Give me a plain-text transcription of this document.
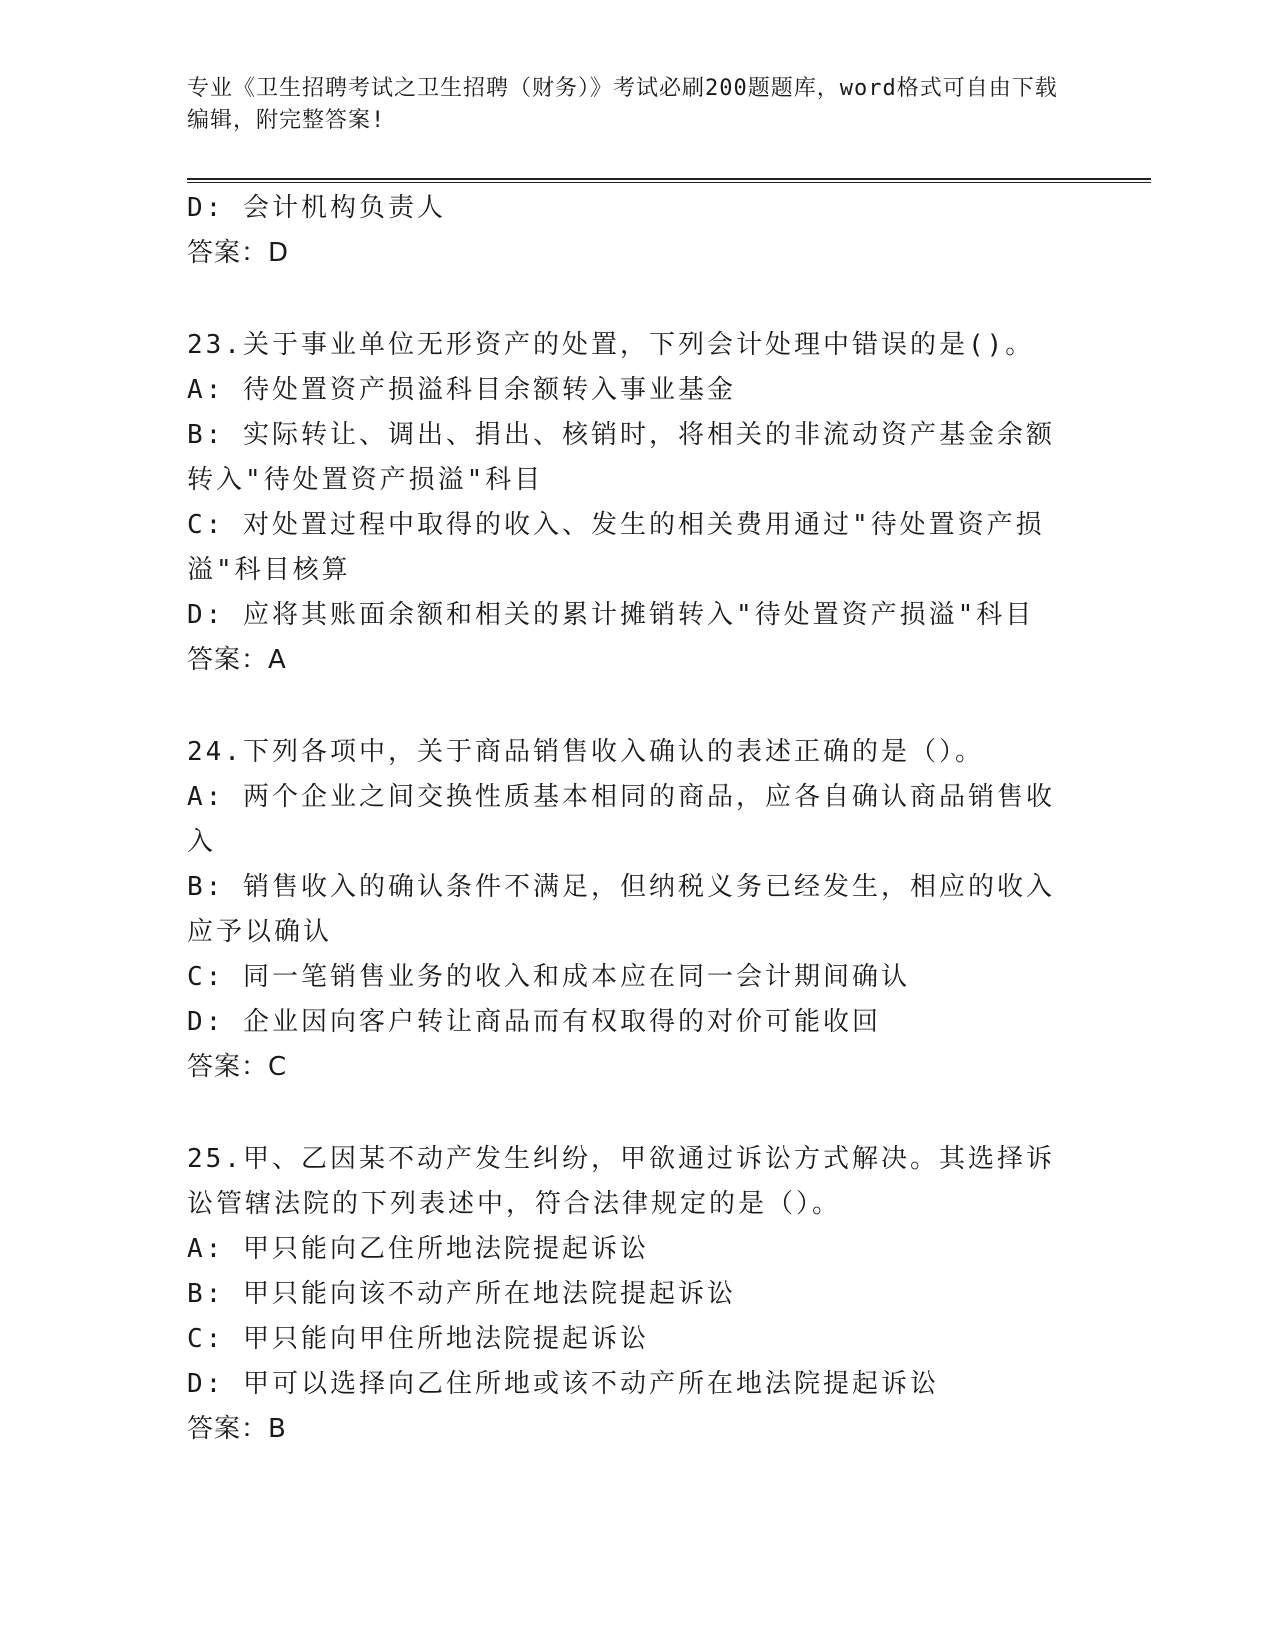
专业《卫生招聘考试之卫生招聘（财务）》考试必刷200题题库，word格式可自由下载编辑，附完整答案!
D: 会计机构负责人
答案：D
23.关于事业单位无形资产的处置，下列会计处理中错误的是()。
A: 待处置资产损溢科目余额转入事业基金
B: 实际转让、调出、捐出、核销时，将相关的非流动资产基金余额转入"待处置资产损溢"科目
C: 对处置过程中取得的收入、发生的相关费用通过"待处置资产损溢"科目核算
D: 应将其账面余额和相关的累计摊销转入"待处置资产损溢"科目
答案：A
24.下列各项中，关于商品销售收入确认的表述正确的是（）。
A: 两个企业之间交换性质基本相同的商品，应各自确认商品销售收入
B: 销售收入的确认条件不满足，但纳税义务已经发生，相应的收入应予以确认
C: 同一笔销售业务的收入和成本应在同一会计期间确认
D: 企业因向客户转让商品而有权取得的对价可能收回
答案：C
25.甲、乙因某不动产发生纠纷，甲欲通过诉讼方式解决。其选择诉讼管辖法院的下列表述中，符合法律规定的是（）。
A: 甲只能向乙住所地法院提起诉讼
B: 甲只能向该不动产所在地法院提起诉讼
C: 甲只能向甲住所地法院提起诉讼
D: 甲可以选择向乙住所地或该不动产所在地法院提起诉讼
答案：B
